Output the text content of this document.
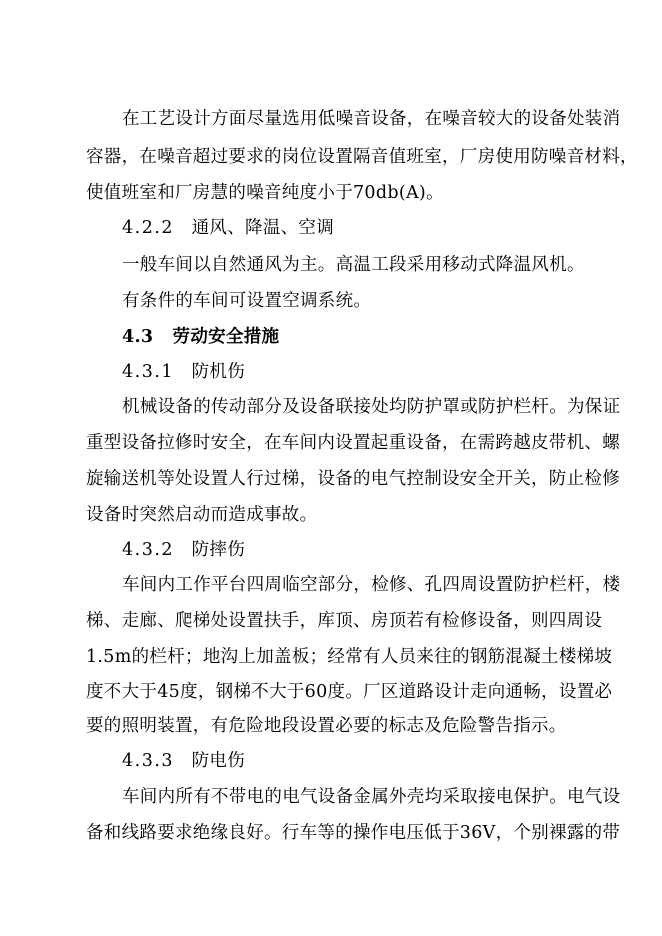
在工艺设计方面尽量选用低噪音设备，在噪音较大的设备处装消
容器，在噪音超过要求的岗位设置隔音值班室，厂房使用防噪音材料，
使值班室和厂房慧的噪音纯度小于70db(A)。
4.2.2 通风、降温、空调
一般车间以自然通风为主。高温工段采用移动式降温风机。
有条件的车间可设置空调系统。
4.3 劳动安全措施
4.3.1 防机伤
机械设备的传动部分及设备联接处均防护罩或防护栏杆。为保证
重型设备拉修时安全，在车间内设置起重设备，在需跨越皮带机、螺
旋输送机等处设置人行过梯，设备的电气控制设安全开关，防止检修
设备时突然启动而造成事故。
4.3.2 防摔伤
车间内工作平台四周临空部分，检修、孔四周设置防护栏杆，楼
梯、走廊、爬梯处设置扶手，库顶、房顶若有检修设备，则四周设
1.5m的栏杆；地沟上加盖板；经常有人员来往的钢筋混凝土楼梯坡
度不大于45度，钢梯不大于60度。厂区道路设计走向通畅，设置必
要的照明装置，有危险地段设置必要的标志及危险警告指示。
4.3.3 防电伤
车间内所有不带电的电气设备金属外壳均采取接电保护。电气设
备和线路要求绝缘良好。行车等的操作电压低于36V，个别裸露的带
